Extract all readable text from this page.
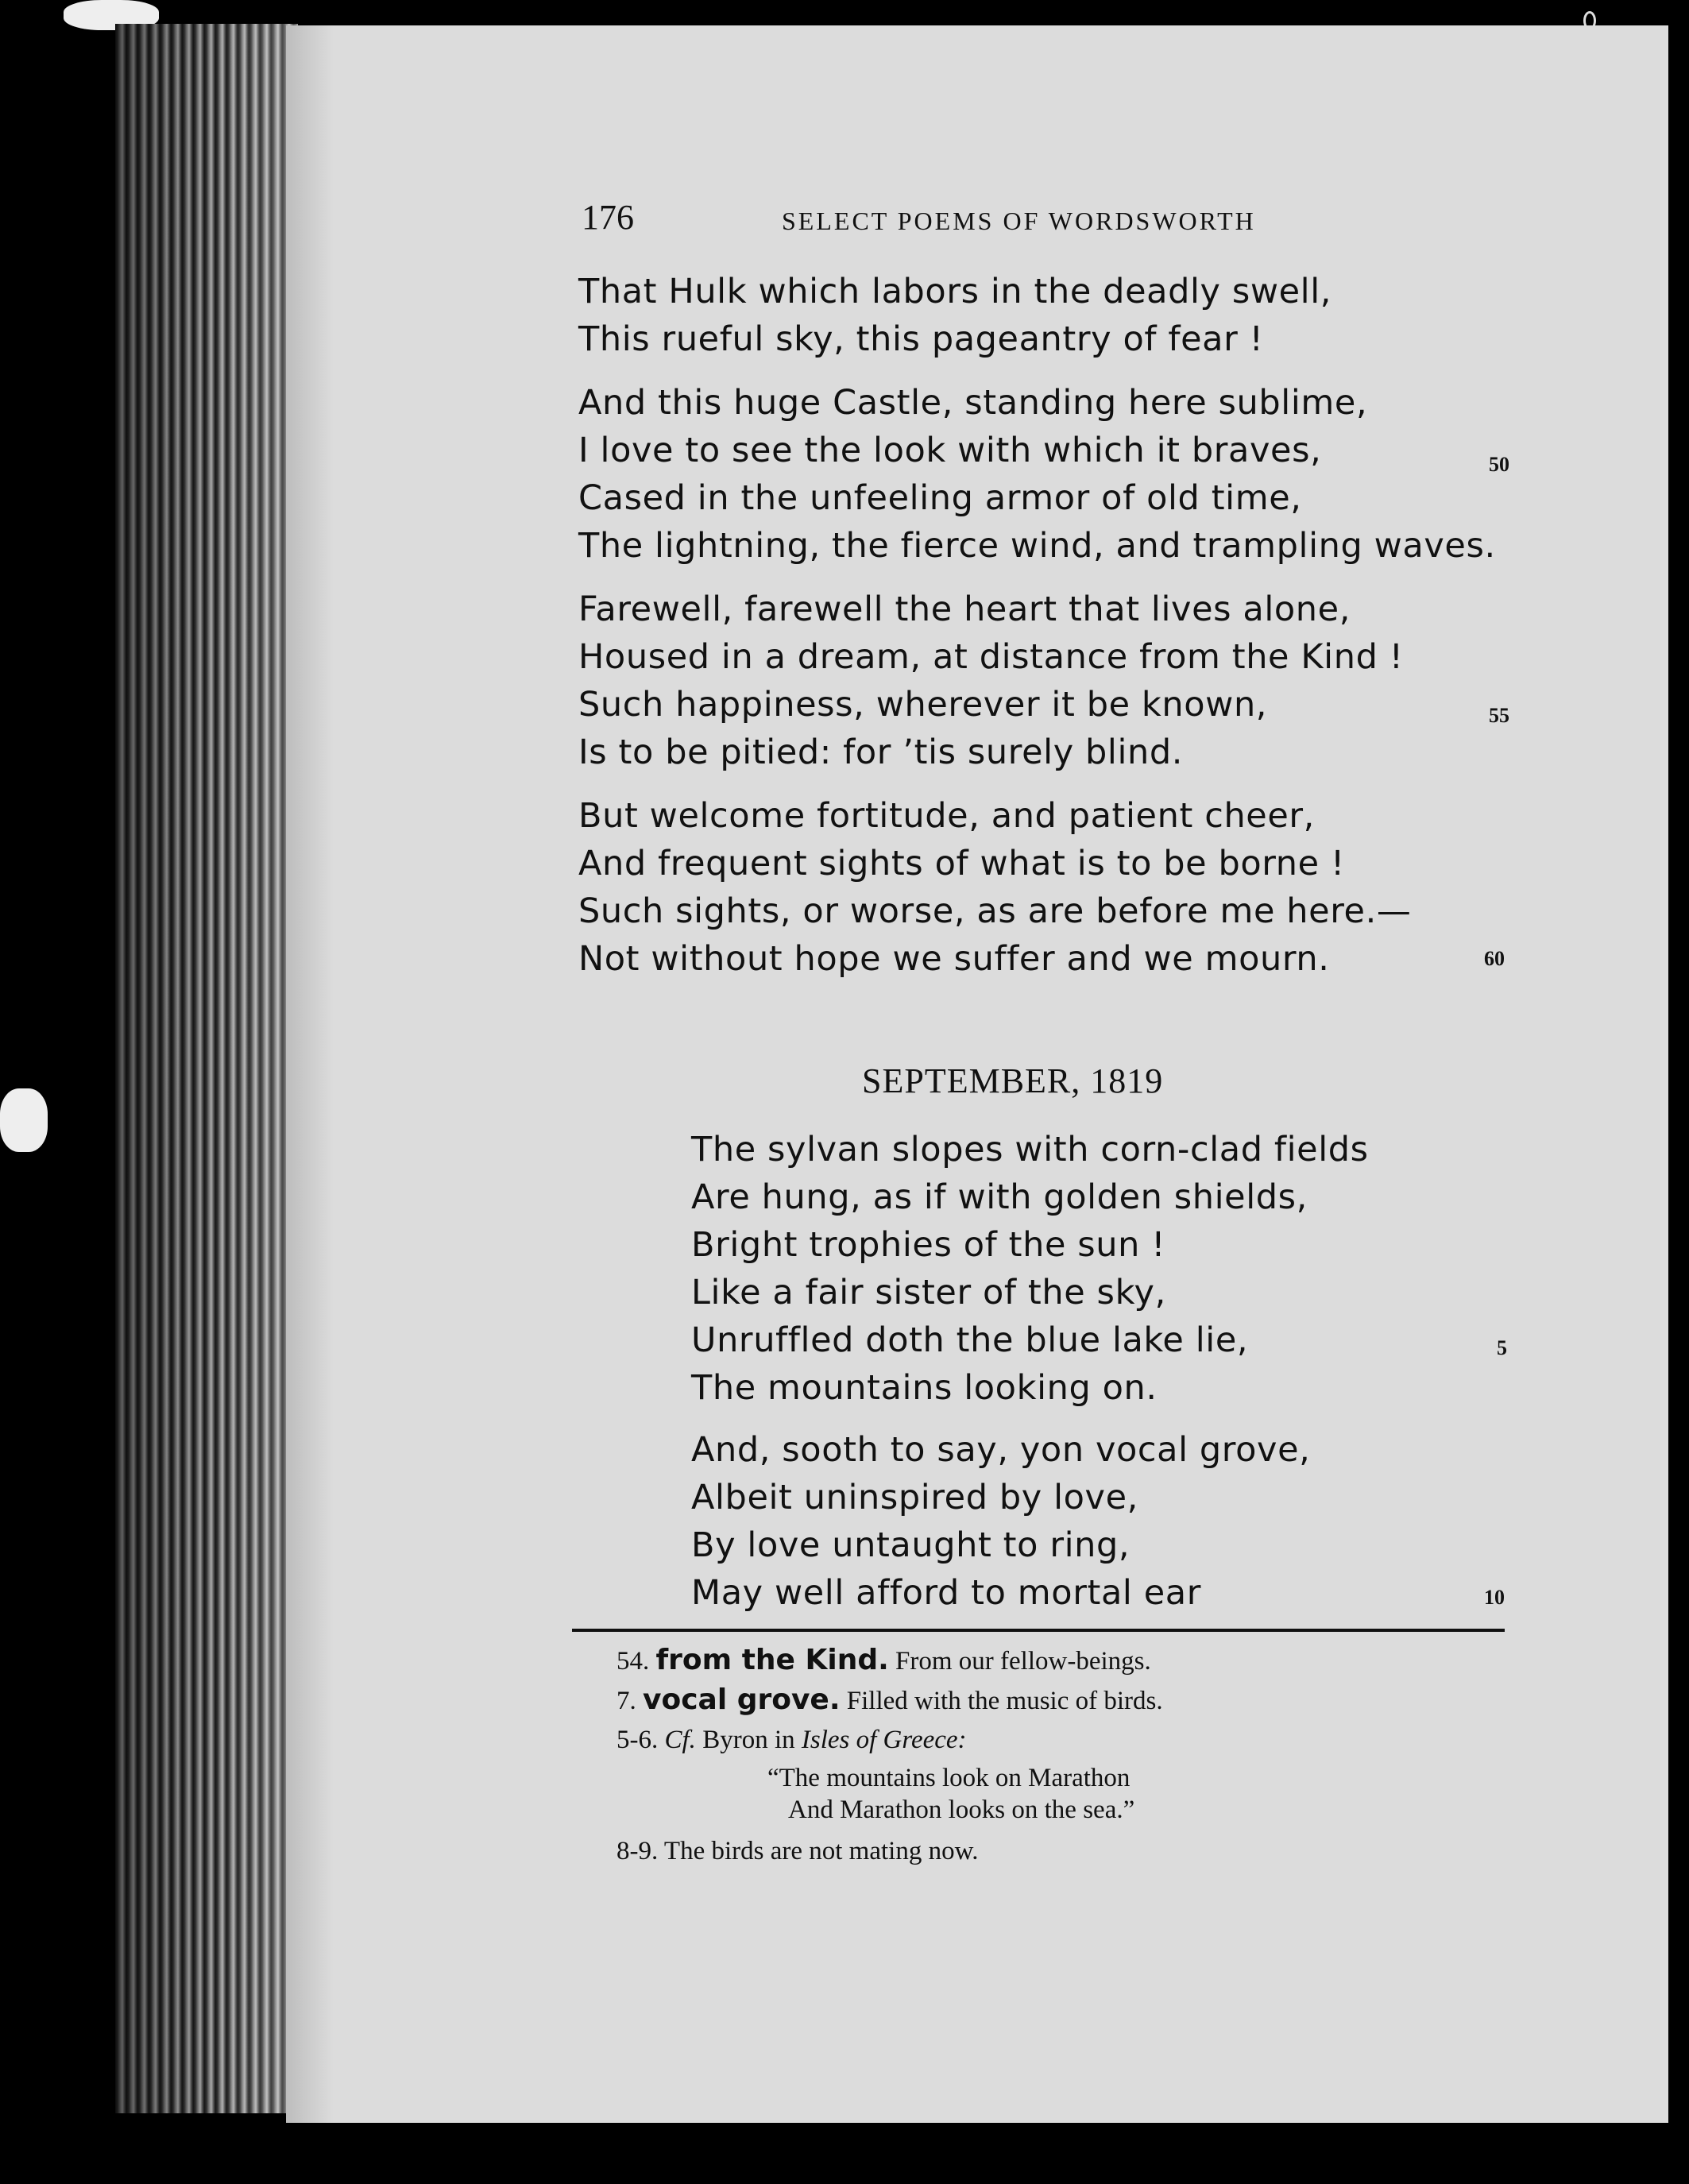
176	SELECT POEMS OF WORDSWORTH
That Hulk which labors in the deadly swell,
This rueful sky, this pageantry of fear !
And this huge Castle, standing here sublime,
I love to see the look with which it braves,	50
Cased in the unfeeling armor of old time,
The lightning, the fierce wind, and trampling waves.
Farewell, farewell the heart that lives alone,
Housed in a dream, at distance from the Kind !
Such happiness, wherever it be known,	55
Is to be pitied: for ’tis surely blind.
But welcome fortitude, and patient cheer,
And frequent sights of what is to be borne !
Such sights, or worse, as are before me here.—
Not without hope we suffer and we mourn.	60
SEPTEMBER, 1819
The sylvan slopes with corn-clad fields
Are hung, as if with golden shields,
Bright trophies of the sun !
Like a fair sister of the sky,
Unruffled doth the blue lake lie,	5
The mountains looking on.
And, sooth to say, yon vocal grove,
Albeit uninspired by love,
By love untaught to ring,
May well afford to mortal ear	10
54. from the Kind. From our fellow-beings.
7. vocal grove. Filled with the music of birds.
5-6. Cf. Byron in Isles of Greece:
“The mountains look on Marathon
And Marathon looks on the sea.”
8-9. The birds are not mating now.
